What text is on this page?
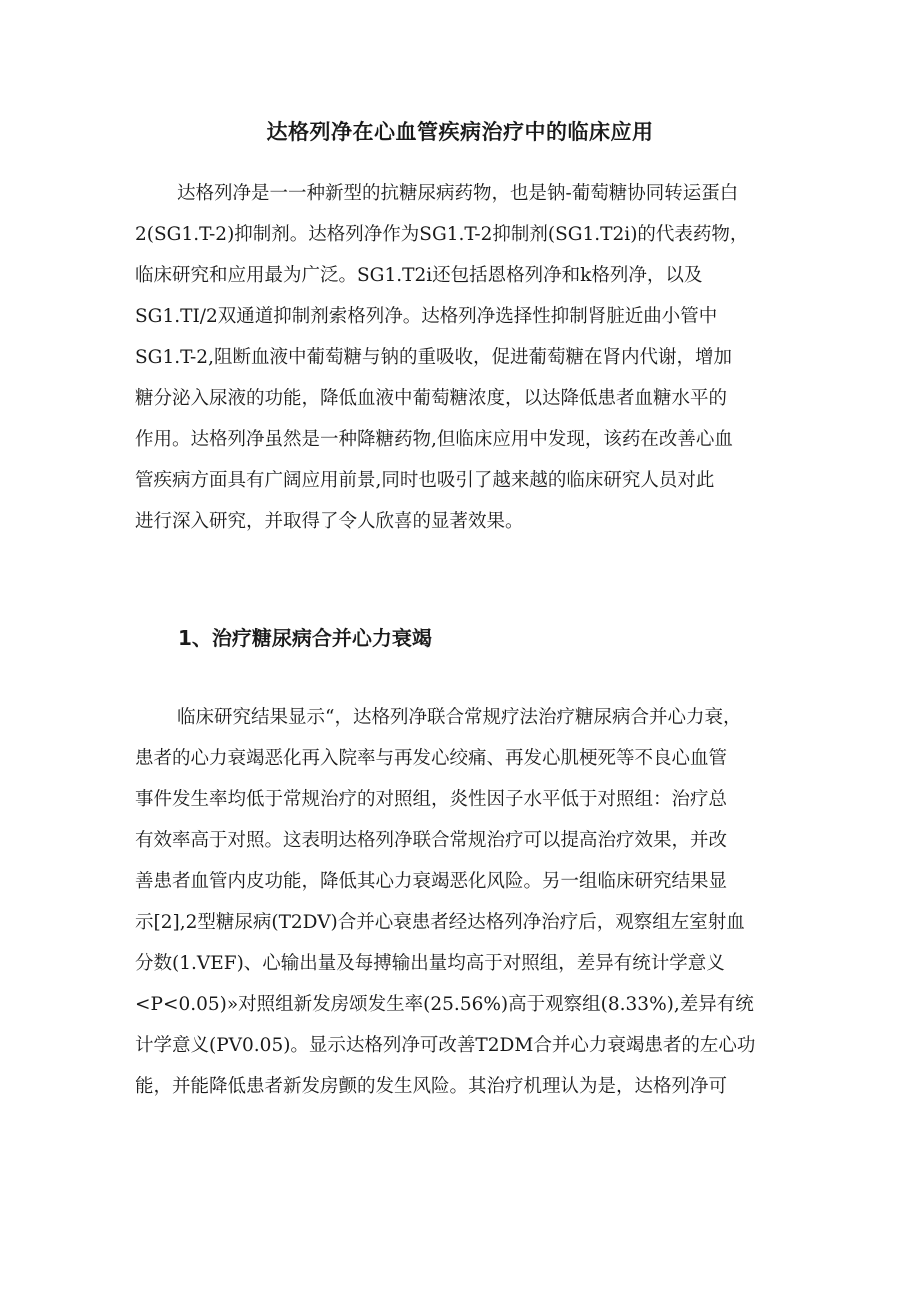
达格列净在心血管疾病治疗中的临床应用
达格列净是一一种新型的抗糖尿病药物，也是钠-葡萄糖协同转运蛋白
2(SG1.T-2)抑制剂。达格列净作为SG1.T-2抑制剂(SG1.T2i)的代表药物，
临床研究和应用最为广泛。SG1.T2i还包括恩格列净和k格列净，以及
SG1.TI/2双通道抑制剂索格列净。达格列净选择性抑制肾脏近曲小管中
SG1.T-2,阻断血液中葡萄糖与钠的重吸收，促进葡萄糖在肾内代谢，增加
糖分泌入尿液的功能，降低血液中葡萄糖浓度，以达降低患者血糖水平的
作用。达格列净虽然是一种降糖药物,但临床应用中发现，该药在改善心血
管疾病方面具有广阔应用前景,同时也吸引了越来越的临床研究人员对此
进行深入研究，并取得了令人欣喜的显著效果。
1、治疗糖尿病合并心力衰竭
临床研究结果显示“，达格列净联合常规疗法治疗糖尿病合并心力衰，
患者的心力衰竭恶化再入院率与再发心绞痛、再发心肌梗死等不良心血管
事件发生率均低于常规治疗的对照组，炎性因子水平低于对照组：治疗总
有效率高于对照。这表明达格列净联合常规治疗可以提高治疗效果，并改
善患者血管内皮功能，降低其心力衰竭恶化风险。另一组临床研究结果显
示[2],2型糖尿病(T2DV)合并心衰患者经达格列净治疗后，观察组左室射血
分数(1.VEF)、心输出量及每搏输出量均高于对照组，差异有统计学意义
<P<0.05)»对照组新发房颂发生率(25.56%)高于观察组(8.33%),差异有统
计学意义(PV0.05)。显示达格列净可改善T2DM合并心力衰竭患者的左心功
能，并能降低患者新发房颤的发生风险。其治疗机理认为是，达格列净可
